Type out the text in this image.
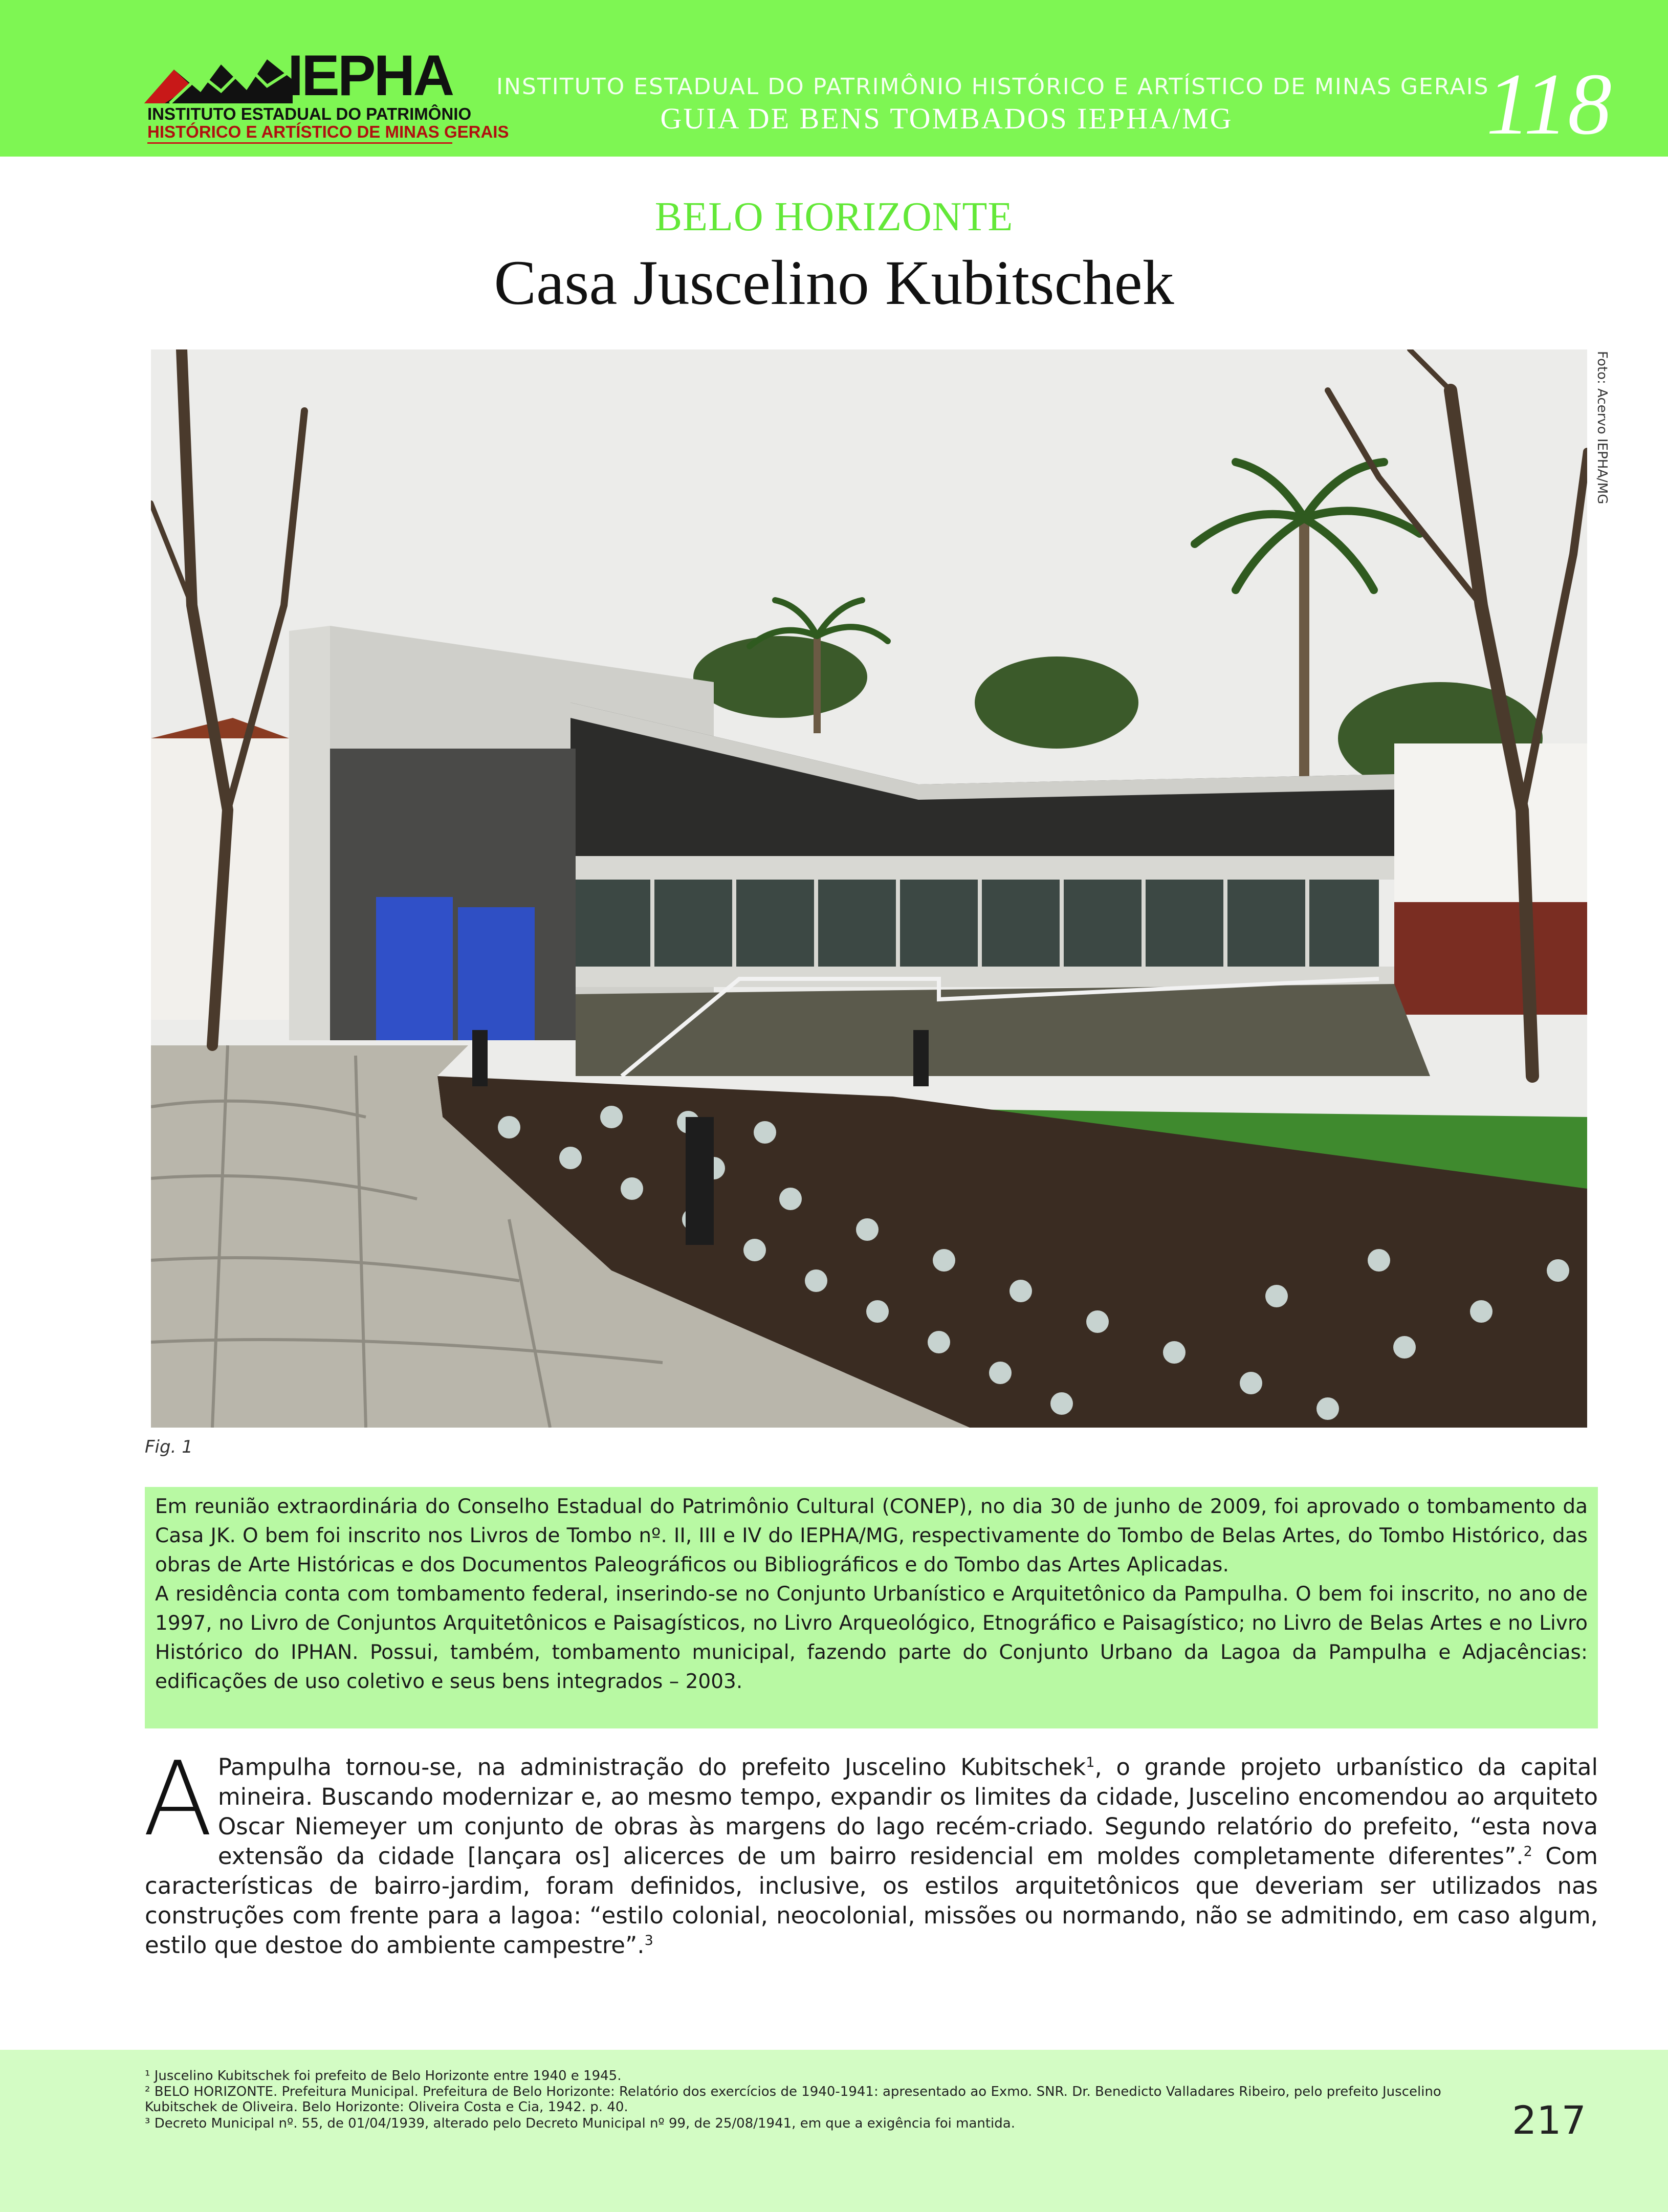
IEPHA
INSTITUTO ESTADUAL DO PATRIMÔNIO
HISTÓRICO E ARTÍSTICO DE MINAS GERAIS
INSTITUTO ESTADUAL DO PATRIMÔNIO HISTÓRICO E ARTÍSTICO DE MINAS GERAIS
GUIA DE BENS TOMBADOS IEPHA/MG	118
BELO HORIZONTE
Casa Juscelino Kubitschek
Foto: Acervo IEPHA/MG
Fig. 1

Em reunião extraordinária do Conselho Estadual do Patrimônio Cultural (CONEP), no dia 30 de junho de 2009, foi aprovado o tombamento da Casa JK. O bem foi inscrito nos Livros de Tombo nº. II, III e IV do IEPHA/MG, respectivamente do Tombo de Belas Artes, do Tombo Histórico, das obras de Arte Históricas e dos Documentos Paleográficos ou Bibliográficos e do Tombo das Artes Aplicadas.

A residência conta com tombamento federal, inserindo-se no Conjunto Urbanístico e Arquitetônico da Pampulha. O bem foi inscrito, no ano de 1997, no Livro de Conjuntos Arquitetônicos e Paisagísticos, no Livro Arqueológico, Etnográfico e Paisagístico; no Livro de Belas Artes e no Livro Histórico do IPHAN. Possui, também, tombamento municipal, fazendo parte do Conjunto Urbano da Lagoa da Pampulha e Adjacências: edificações de uso coletivo e seus bens integrados – 2003.

A Pampulha tornou-se, na administração do prefeito Juscelino Kubitschek$^1$, o grande projeto urbanístico da capital mineira. Buscando modernizar e, ao mesmo tempo, expandir os limites da cidade, Juscelino encomendou ao arquiteto Oscar Niemeyer um conjunto de obras às margens do lago recém-criado. Segundo relatório do prefeito, “esta nova extensão da cidade [lançara os] alicerces de um bairro residencial em moldes completamente diferentes”.$^2$ Com características de bairro-jardim, foram definidos, inclusive, os estilos arquitetônicos que deveriam ser utilizados nas construções com frente para a lagoa: “estilo colonial, neocolonial, missões ou normando, não se admitindo, em caso algum, estilo que destoe do ambiente campestre”.$^3$

¹ Juscelino Kubitschek foi prefeito de Belo Horizonte entre 1940 e 1945.
² BELO HORIZONTE. Prefeitura Municipal. Prefeitura de Belo Horizonte: Relatório dos exercícios de 1940-1941: apresentado ao Exmo. SNR. Dr. Benedicto Valladares Ribeiro, pelo prefeito Juscelino Kubitschek de Oliveira. Belo Horizonte: Oliveira Costa e Cia, 1942. p. 40.
³ Decreto Municipal nº. 55, de 01/04/1939, alterado pelo Decreto Municipal nº 99, de 25/08/1941, em que a exigência foi mantida.	217
